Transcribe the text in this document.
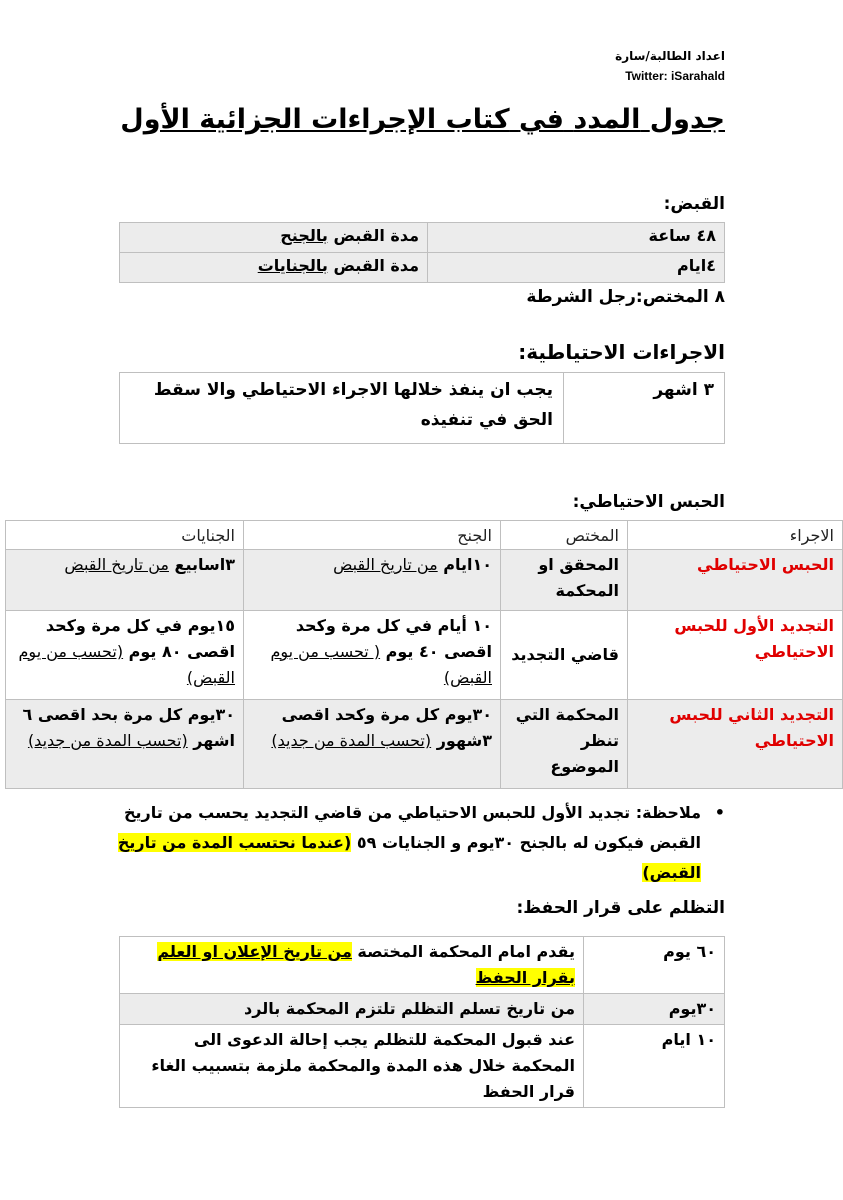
اعداد الطالبة/سارة
Twitter: iSarahald
جدول المدد في كتاب الإجراءات الجزائية الأول
القبض:
٤٨ ساعة	مدة القبض بالجنح
٤ايام	مدة القبض بالجنايات
٨ المختص:رجل الشرطة
الاجراءات الاحتياطية:
٣ اشهر	يجب ان ينفذ خلالها الاجراء الاحتياطي والا سقط الحق في تنفيذه
الحبس الاحتياطي:
الاجراء	المختص	الجنح	الجنايات
الحبس الاحتياطي	المحقق او المحكمة	١٠ايام من تاريخ القبض	٣اسابيع من تاريخ القبض
التجديد الأول للحبس الاحتياطي	قاضي التجديد	١٠ أيام في كل مرة وكحد اقصى ٤٠ يوم ( تحسب من يوم القبض)	١٥يوم في كل مرة وكحد اقصى ٨٠ يوم (تحسب من يوم القبض)
التجديد الثاني للحبس الاحتياطي	المحكمة التي تنظر الموضوع	٣٠يوم كل مرة وكحد اقصى ٣شهور (تحسب المدة من جديد)	٣٠يوم كل مرة بحد اقصى ٦ اشهر (تحسب المدة من جديد)
•
ملاحظة: تجديد الأول للحبس الاحتياطي من قاضي التجديد يحسب من تاريخ القبض فيكون له بالجنح ٣٠يوم و الجنايات ٥٩ (عندما نحتسب المدة من تاريخ القبض)
التظلم على قرار الحفظ:
٦٠ يوم	يقدم امام المحكمة المختصة من تاريخ الإعلان او العلم بقرار الحفظ
٣٠يوم	من تاريخ تسلم التظلم تلتزم المحكمة بالرد
١٠ ايام	عند قبول المحكمة للتظلم يجب إحالة الدعوى الى المحكمة خلال هذه المدة والمحكمة ملزمة بتسبيب الغاء قرار الحفظ
